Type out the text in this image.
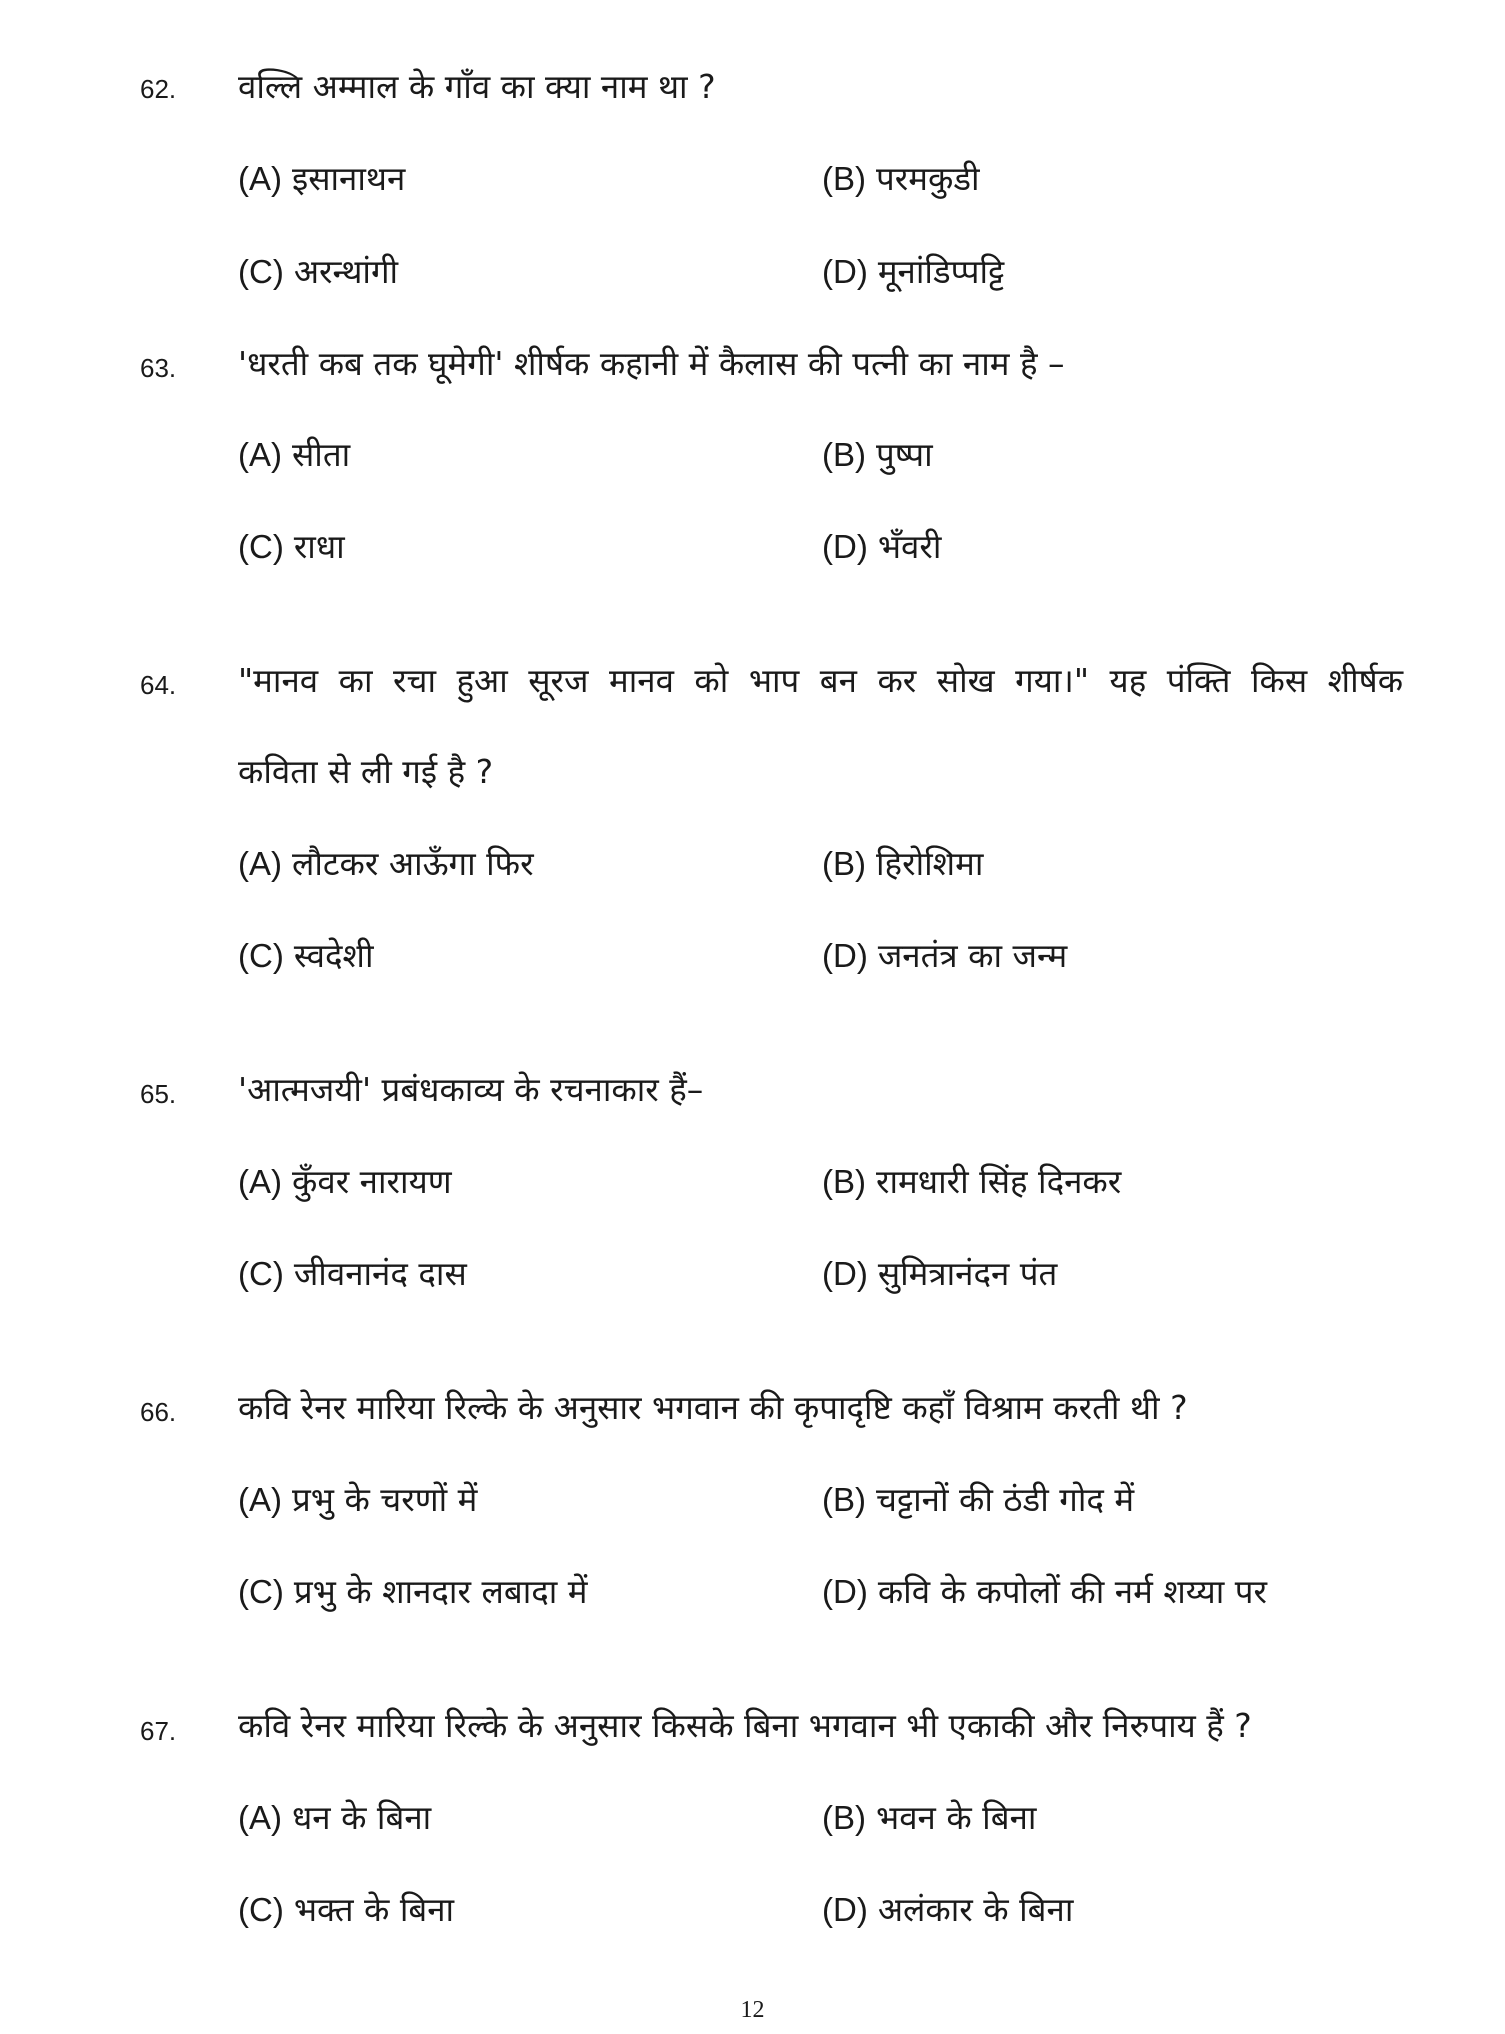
62. वल्लि अम्माल के गाँव का क्या नाम था ?
(A) इसानाथन	(B) परमकुडी
(C) अरन्थांगी	(D) मूनांडिप्पट्टि
63. 'धरती कब तक घूमेगी' शीर्षक कहानी में कैलास की पत्नी का नाम है –
(A) सीता	(B) पुष्पा
(C) राधा	(D) भँवरी
64. "मानव का रचा हुआ सूरज मानव को भाप बन कर सोख गया।" यह पंक्ति किस शीर्षक
कविता से ली गई है ?
(A) लौटकर आऊँगा फिर	(B) हिरोशिमा
(C) स्वदेशी	(D) जनतंत्र का जन्म
65. 'आत्मजयी' प्रबंधकाव्य के रचनाकार हैं–
(A) कुँवर नारायण	(B) रामधारी सिंह दिनकर
(C) जीवनानंद दास	(D) सुमित्रानंदन पंत
66. कवि रेनर मारिया रिल्के के अनुसार भगवान की कृपादृष्टि कहाँ विश्राम करती थी ?
(A) प्रभु के चरणों में	(B) चट्टानों की ठंडी गोद में
(C) प्रभु के शानदार लबादा में	(D) कवि के कपोलों की नर्म शय्या पर
67. कवि रेनर मारिया रिल्के के अनुसार किसके बिना भगवान भी एकाकी और निरुपाय हैं ?
(A) धन के बिना	(B) भवन के बिना
(C) भक्त के बिना	(D) अलंकार के बिना
12
